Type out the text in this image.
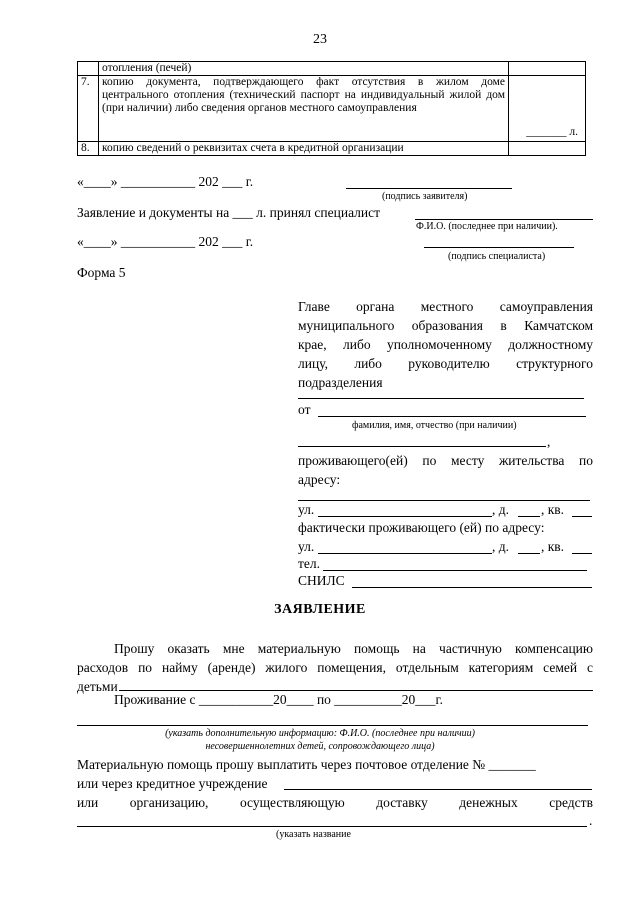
23
	отопления (печей)	
7.	копию документа, подтверждающего факт отсутствия в жилом доме центрального отопления (технический паспорт на индивидуальный жилой дом (при наличии) либо сведения органов местного самоуправления	_______ л.

8.	копию сведений о реквизитах счета в кредитной организации	
«____» ___________ 202 ___ г.
(подпись заявителя)
Заявление и документы на ___ л. принял специалист
Ф.И.О. (последнее при наличии).
«____» ___________ 202 ___ г.
(подпись специалиста)
Форма 5
Главе органа местного самоуправления
муниципального образования в Камчатском
крае, либо уполномоченному должностному
лицу, либо руководителю структурного
подразделения
от
фамилия, имя, отчество (при наличии)
,
проживающего(ей) по месту жительства по
адресу:
ул.	, д. , кв.
фактически проживающего (ей) по адресу:
ул.	, д. , кв.
тел.
СНИЛС
ЗАЯВЛЕНИЕ
Прошу оказать мне материальную помощь на частичную компенсацию
расходов по найму (аренде) жилого помещения, отдельным категориям семей с
детьми
Проживание с ___________20____ по __________20___г.
(указать дополнительную информацию: Ф.И.О. (последнее при наличии)
несовершеннолетних детей, сопровождающего лица)
Материальную помощь прошу выплатить через почтовое отделение № _______
или через кредитное учреждение
или организацию, осуществляющую доставку денежных средств
.
(указать название
